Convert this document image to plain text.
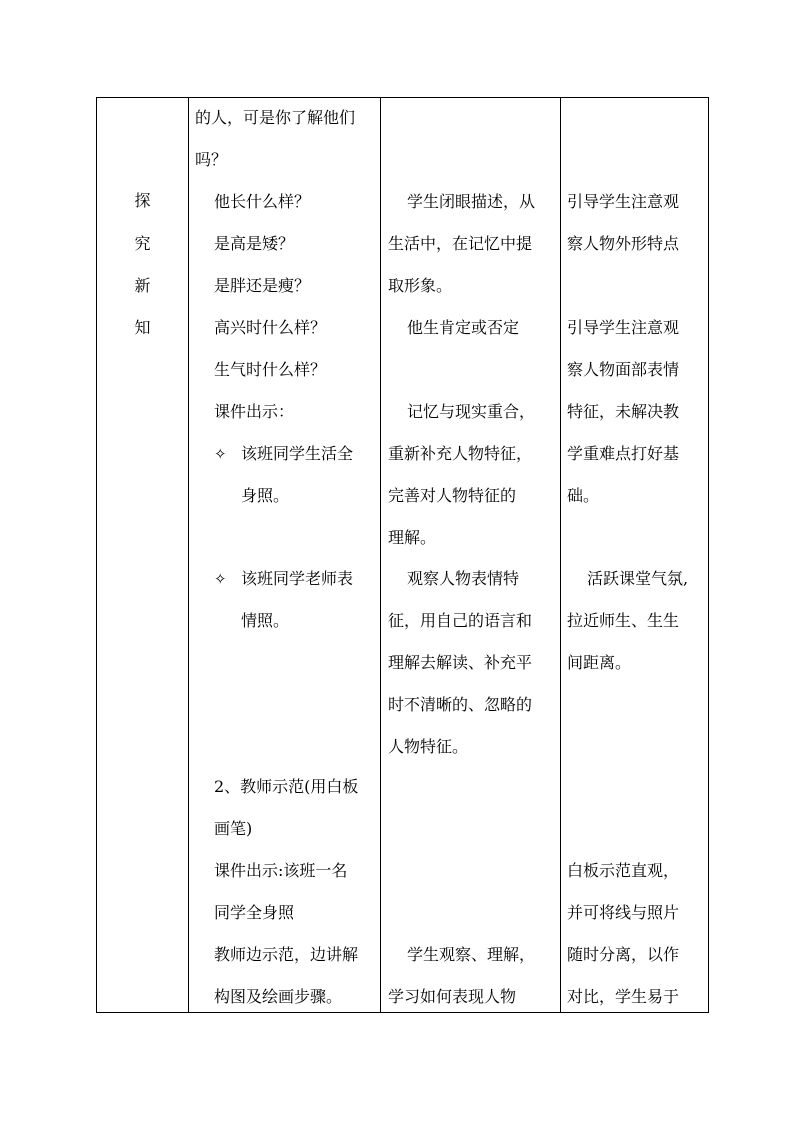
探
究
新
知
的人，可是你了解他们
吗？
他长什么样？
是高是矮？
是胖还是瘦？
高兴时什么样？
生气时什么样？
课件出示：
✧ 该班同学生活全
身照。
✧ 该班同学老师表
情照。
2、教师示范(用白板
画笔)
课件出示:该班一名
同学全身照
教师边示范，边讲解
构图及绘画步骤。
学生闭眼描述，从
生活中，在记忆中提
取形象。
他生肯定或否定
记忆与现实重合，
重新补充人物特征，
完善对人物特征的
理解。
观察人物表情特
征，用自己的语言和
理解去解读、补充平
时不清晰的、忽略的
人物特征。
学生观察、理解，
学习如何表现人物
引导学生注意观
察人物外形特点
引导学生注意观
察人物面部表情
特征，未解决教
学重难点打好基
础。
活跃课堂气氛,
拉近师生、生生
间距离。
白板示范直观，
并可将线与照片
随时分离，以作
对比，学生易于
